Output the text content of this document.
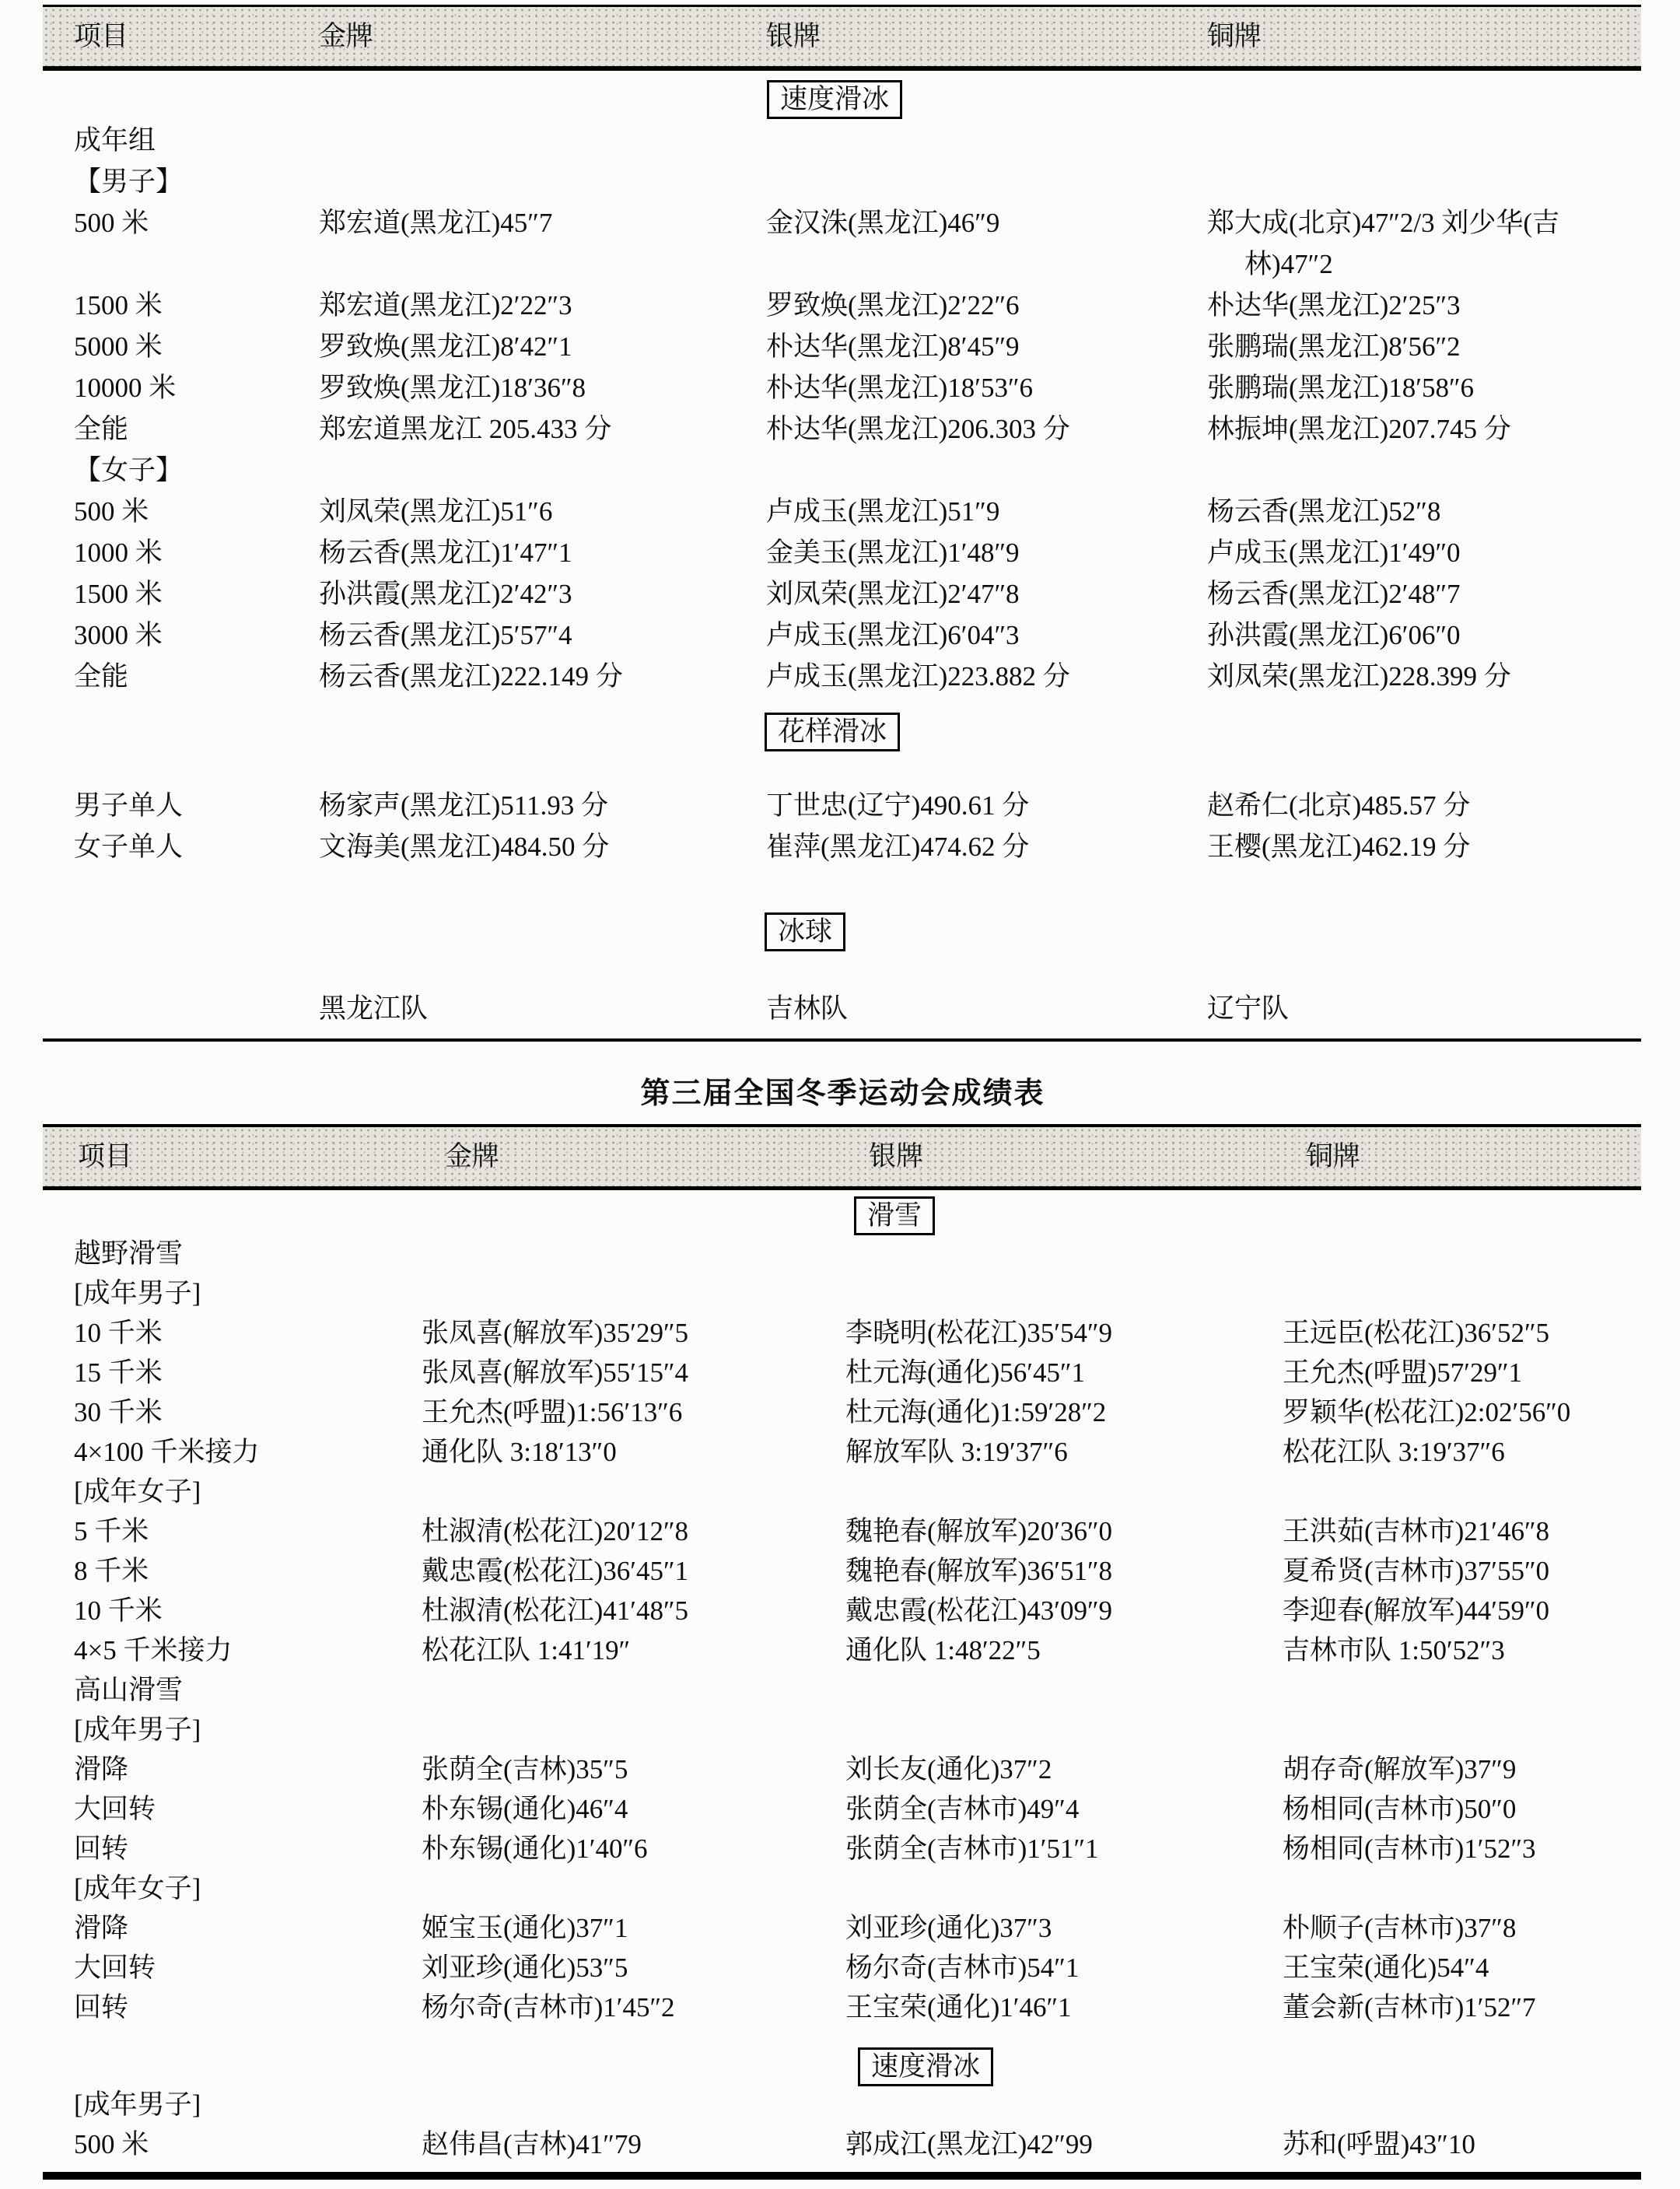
项目	金牌	银牌	铜牌
速度滑冰
成年组
【男子】
500 米	郑宏道(黑龙江)45″7	金汉洙(黑龙江)46″9	郑大成(北京)47″2/3 刘少华(吉林)47″2
1500 米	郑宏道(黑龙江)2′22″3	罗致焕(黑龙江)2′22″6	朴达华(黑龙江)2′25″3
5000 米	罗致焕(黑龙江)8′42″1	朴达华(黑龙江)8′45″9	张鹏瑞(黑龙江)8′56″2
10000 米	罗致焕(黑龙江)18′36″8	朴达华(黑龙江)18′53″6	张鹏瑞(黑龙江)18′58″6
全能	郑宏道黑龙江 205.433 分	朴达华(黑龙江)206.303 分	林振坤(黑龙江)207.745 分
【女子】
500 米	刘凤荣(黑龙江)51″6	卢成玉(黑龙江)51″9	杨云香(黑龙江)52″8
1000 米	杨云香(黑龙江)1′47″1	金美玉(黑龙江)1′48″9	卢成玉(黑龙江)1′49″0
1500 米	孙洪霞(黑龙江)2′42″3	刘凤荣(黑龙江)2′47″8	杨云香(黑龙江)2′48″7
3000 米	杨云香(黑龙江)5′57″4	卢成玉(黑龙江)6′04″3	孙洪霞(黑龙江)6′06″0
全能	杨云香(黑龙江)222.149 分	卢成玉(黑龙江)223.882 分	刘凤荣(黑龙江)228.399 分
花样滑冰
男子单人	杨家声(黑龙江)511.93 分	丁世忠(辽宁)490.61 分	赵希仁(北京)485.57 分
女子单人	文海美(黑龙江)484.50 分	崔萍(黑龙江)474.62 分	王樱(黑龙江)462.19 分
冰球
黑龙江队	吉林队	辽宁队
第三届全国冬季运动会成绩表
项目	金牌	银牌	铜牌
滑雪
越野滑雪
[成年男子]
10 千米	张凤喜(解放军)35′29″5	李晓明(松花江)35′54″9	王远臣(松花江)36′52″5
15 千米	张凤喜(解放军)55′15″4	杜元海(通化)56′45″1	王允杰(呼盟)57′29″1
30 千米	王允杰(呼盟)1:56′13″6	杜元海(通化)1:59′28″2	罗颖华(松花江)2:02′56″0
4×100 千米接力	通化队 3:18′13″0	解放军队 3:19′37″6	松花江队 3:19′37″6
[成年女子]
5 千米	杜淑清(松花江)20′12″8	魏艳春(解放军)20′36″0	王洪茹(吉林市)21′46″8
8 千米	戴忠霞(松花江)36′45″1	魏艳春(解放军)36′51″8	夏希贤(吉林市)37′55″0
10 千米	杜淑清(松花江)41′48″5	戴忠霞(松花江)43′09″9	李迎春(解放军)44′59″0
4×5 千米接力	松花江队 1:41′19″	通化队 1:48′22″5	吉林市队 1:50′52″3
高山滑雪
[成年男子]
滑降	张荫全(吉林)35″5	刘长友(通化)37″2	胡存奇(解放军)37″9
大回转	朴东锡(通化)46″4	张荫全(吉林市)49″4	杨相同(吉林市)50″0
回转	朴东锡(通化)1′40″6	张荫全(吉林市)1′51″1	杨相同(吉林市)1′52″3
[成年女子]
滑降	姬宝玉(通化)37″1	刘亚珍(通化)37″3	朴顺子(吉林市)37″8
大回转	刘亚珍(通化)53″5	杨尔奇(吉林市)54″1	王宝荣(通化)54″4
回转	杨尔奇(吉林市)1′45″2	王宝荣(通化)1′46″1	董会新(吉林市)1′52″7
速度滑冰
[成年男子]
500 米	赵伟昌(吉林)41″79	郭成江(黑龙江)42″99	苏和(呼盟)43″10
